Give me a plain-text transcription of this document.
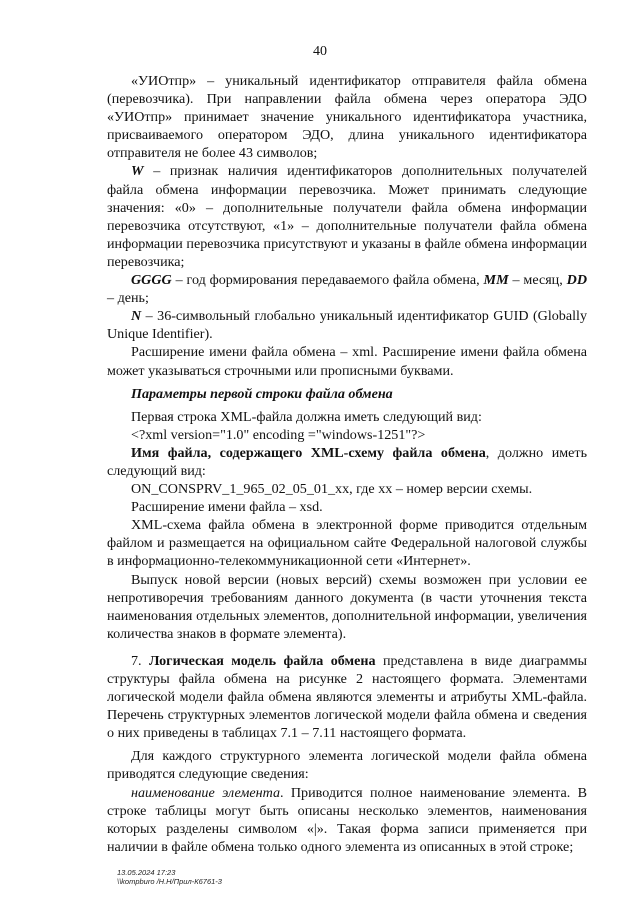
40

«УИОтпр» – уникальный идентификатор отправителя файла обмена (перевозчика). При направлении файла обмена через оператора ЭДО «УИОтпр» принимает значение уникального идентификатора участника, присваиваемого оператором ЭДО, длина уникального идентификатора отправителя не более 43 символов;

W – признак наличия идентификаторов дополнительных получателей файла обмена информации перевозчика. Может принимать следующие значения: «0» – дополнительные получатели файла обмена информации перевозчика отсутствуют, «1» – дополнительные получатели файла обмена информации перевозчика присутствуют и указаны в файле обмена информации перевозчика;

GGGG – год формирования передаваемого файла обмена, MM – месяц, DD – день;

N – 36-символьный глобально уникальный идентификатор GUID (Globally Unique Identifier).

Расширение имени файла обмена – xml. Расширение имени файла обмена может указываться строчными или прописными буквами.

Параметры первой строки файла обмена

Первая строка XML-файла должна иметь следующий вид:

<?xml version="1.0" encoding ="windows-1251"?>

Имя файла, содержащего XML-схему файла обмена, должно иметь следующий вид:

ON_CONSPRV_1_965_02_05_01_xx, где хх – номер версии схемы.

Расширение имени файла – xsd.

XML-схема файла обмена в электронной форме приводится отдельным файлом и размещается на официальном сайте Федеральной налоговой службы в информационно-телекоммуникационной сети «Интернет».

Выпуск новой версии (новых версий) схемы возможен при условии ее непротиворечия требованиям данного документа (в части уточнения текста наименования отдельных элементов, дополнительной информации, увеличения количества знаков в формате элемента).

7. Логическая модель файла обмена представлена в виде диаграммы структуры файла обмена на рисунке 2 настоящего формата. Элементами логической модели файла обмена являются элементы и атрибуты XML-файла. Перечень структурных элементов логической модели файла обмена и сведения о них приведены в таблицах 7.1 – 7.11 настоящего формата.

Для каждого структурного элемента логической модели файла обмена приводятся следующие сведения:

наименование элемента. Приводится полное наименование элемента. В строке таблицы могут быть описаны несколько элементов, наименования которых разделены символом «|». Такая форма записи применяется при наличии в файле обмена только одного элемента из описанных в этой строке;

13.05.2024 17:23
\\kompburo /Н.Н/Прил-К6761-3
